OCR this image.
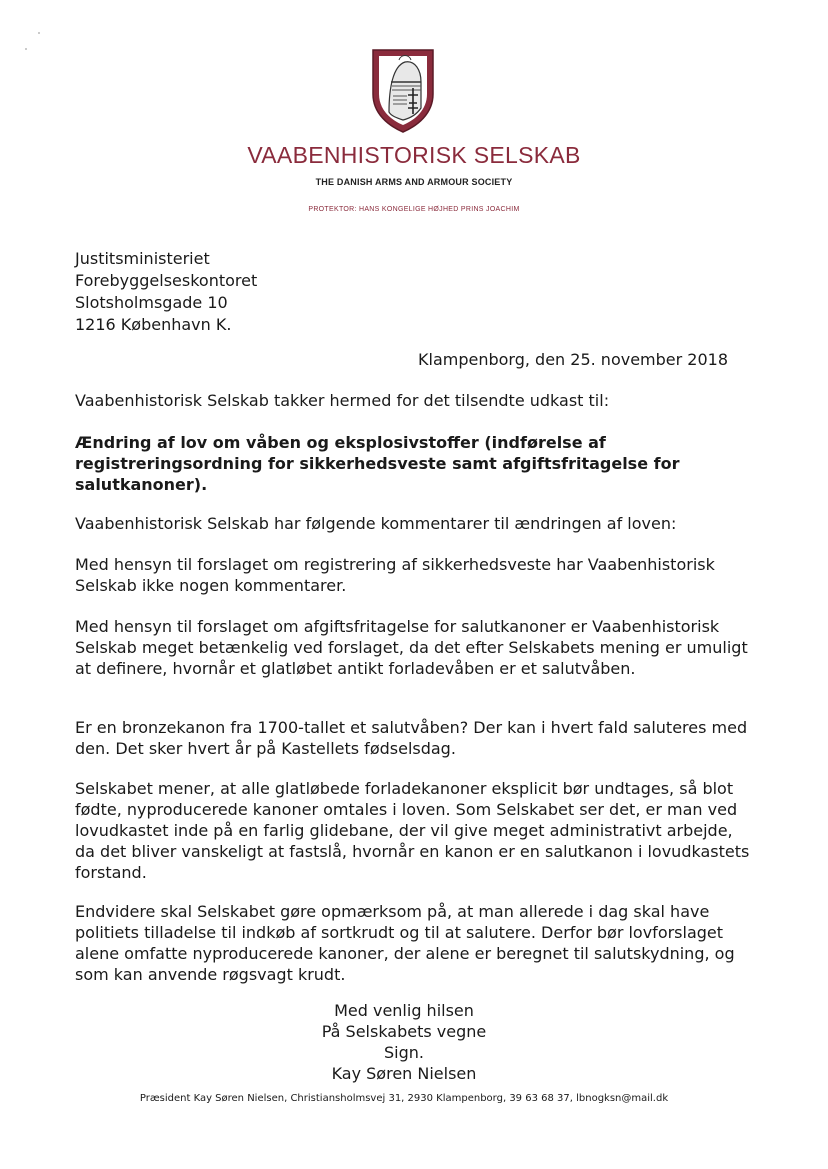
VAABENHISTORISK SELSKAB
THE DANISH ARMS AND ARMOUR SOCIETY
PROTEKTOR: HANS KONGELIGE HØJHED PRINS JOACHIM
Justitsministeriet
Forebyggelseskontoret
Slotsholmsgade 10
1216 København K.
Klampenborg, den 25. november 2018
Vaabenhistorisk Selskab takker hermed for det tilsendte udkast til:
Ændring af lov om våben og eksplosivstoffer (indførelse af registreringsordning for sikkerhedsveste samt afgiftsfritagelse for salutkanoner).
Vaabenhistorisk Selskab har følgende kommentarer til ændringen af loven:
Med hensyn til forslaget om registrering af sikkerhedsveste har Vaabenhistorisk Selskab ikke nogen kommentarer.
Med hensyn til forslaget om afgiftsfritagelse for salutkanoner er Vaabenhistorisk Selskab meget betænkelig ved forslaget, da det efter Selskabets mening er umuligt at definere, hvornår et glatløbet antikt forladevåben er et salutvåben.
Er en bronzekanon fra 1700-tallet et salutvåben? Der kan i hvert fald saluteres med den. Det sker hvert år på Kastellets fødselsdag.
Selskabet mener, at alle glatløbede forladekanoner eksplicit bør undtages, så blot fødte, nyproducerede kanoner omtales i loven. Som Selskabet ser det, er man ved lovudkastet inde på en farlig glidebane, der vil give meget administrativt arbejde, da det bliver vanskeligt at fastslå, hvornår en kanon er en salutkanon i lovudkastets forstand.
Endvidere skal Selskabet gøre opmærksom på, at man allerede i dag skal have politiets tilladelse til indkøb af sortkrudt og til at salutere. Derfor bør lovforslaget alene omfatte nyproducerede kanoner, der alene er beregnet til salutskydning, og som kan anvende røgsvagt krudt.
Med venlig hilsen
På Selskabets vegne
Sign.
Kay Søren Nielsen
Præsident Kay Søren Nielsen, Christiansholmsvej 31, 2930 Klampenborg, 39 63 68 37, lbnogksn@mail.dk
